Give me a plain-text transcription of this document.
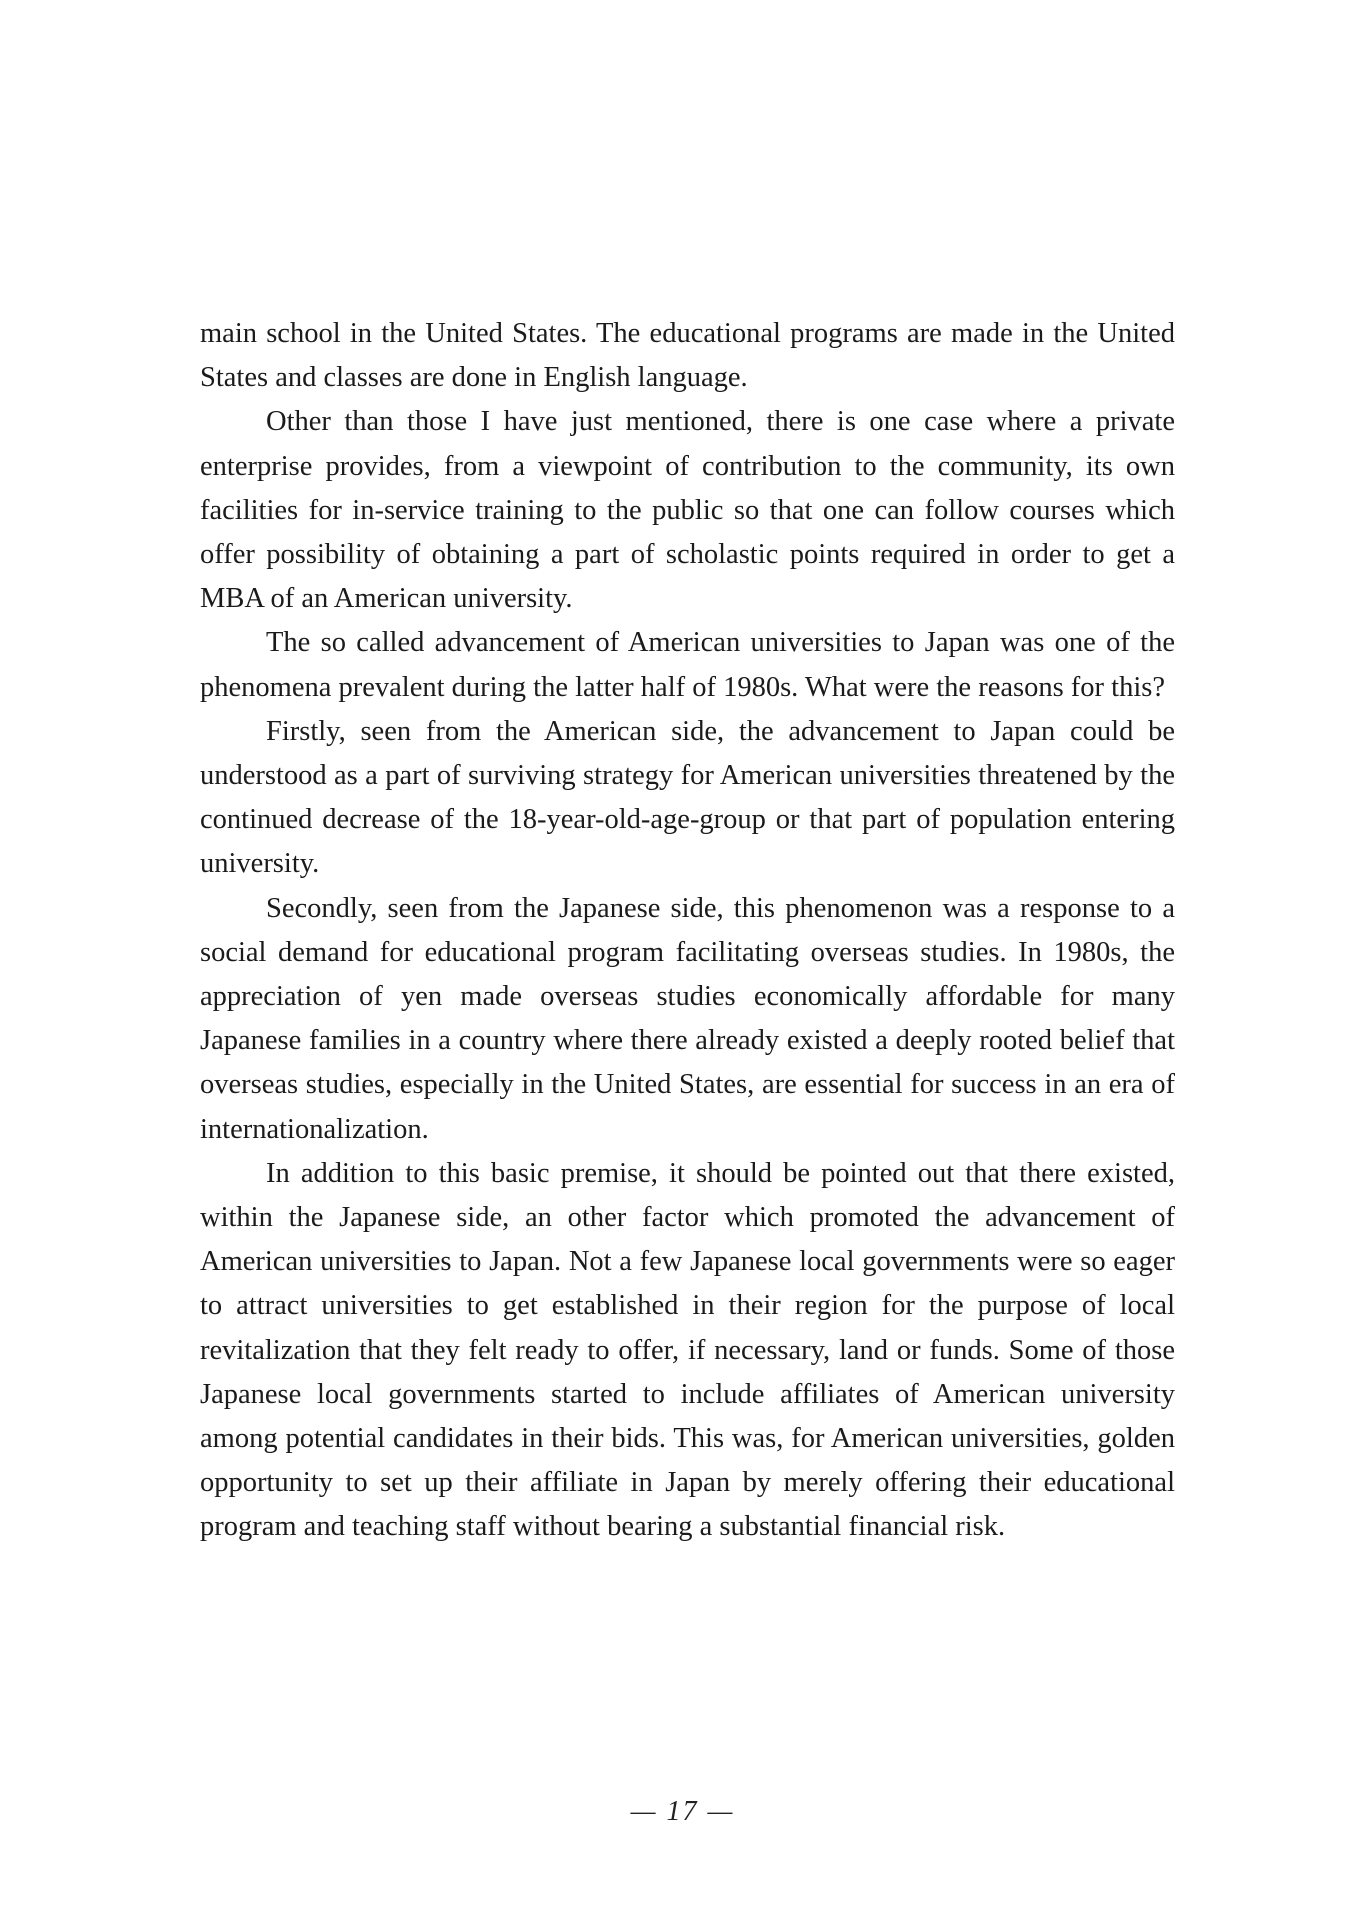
main school in the United States. The educational programs are made in the United States and classes are done in English language.

Other than those I have just mentioned, there is one case where a private enterprise provides, from a viewpoint of contribution to the community, its own facilities for in-service training to the public so that one can follow courses which offer possibility of obtaining a part of scholastic points required in order to get a MBA of an American university.

The so called advancement of American universities to Japan was one of the phenomena prevalent during the latter half of 1980s. What were the reasons for this?

Firstly, seen from the American side, the advancement to Japan could be understood as a part of surviving strategy for American universities threatened by the continued decrease of the 18-year-old-age-group or that part of population entering university.

Secondly, seen from the Japanese side, this phenomenon was a response to a social demand for educational program facilitating overseas studies. In 1980s, the appreciation of yen made overseas studies economically affordable for many Japanese families in a country where there already existed a deeply rooted belief that overseas studies, especially in the United States, are essential for success in an era of internationalization.

In addition to this basic premise, it should be pointed out that there existed, within the Japanese side, an other factor which promoted the advancement of American universities to Japan. Not a few Japanese local governments were so eager to attract universities to get established in their region for the purpose of local revitalization that they felt ready to offer, if necessary, land or funds. Some of those Japanese local governments started to include affiliates of American university among potential candidates in their bids. This was, for American universities, golden opportunity to set up their affiliate in Japan by merely offering their educational program and teaching staff without bearing a substantial financial risk.

— 17 —
